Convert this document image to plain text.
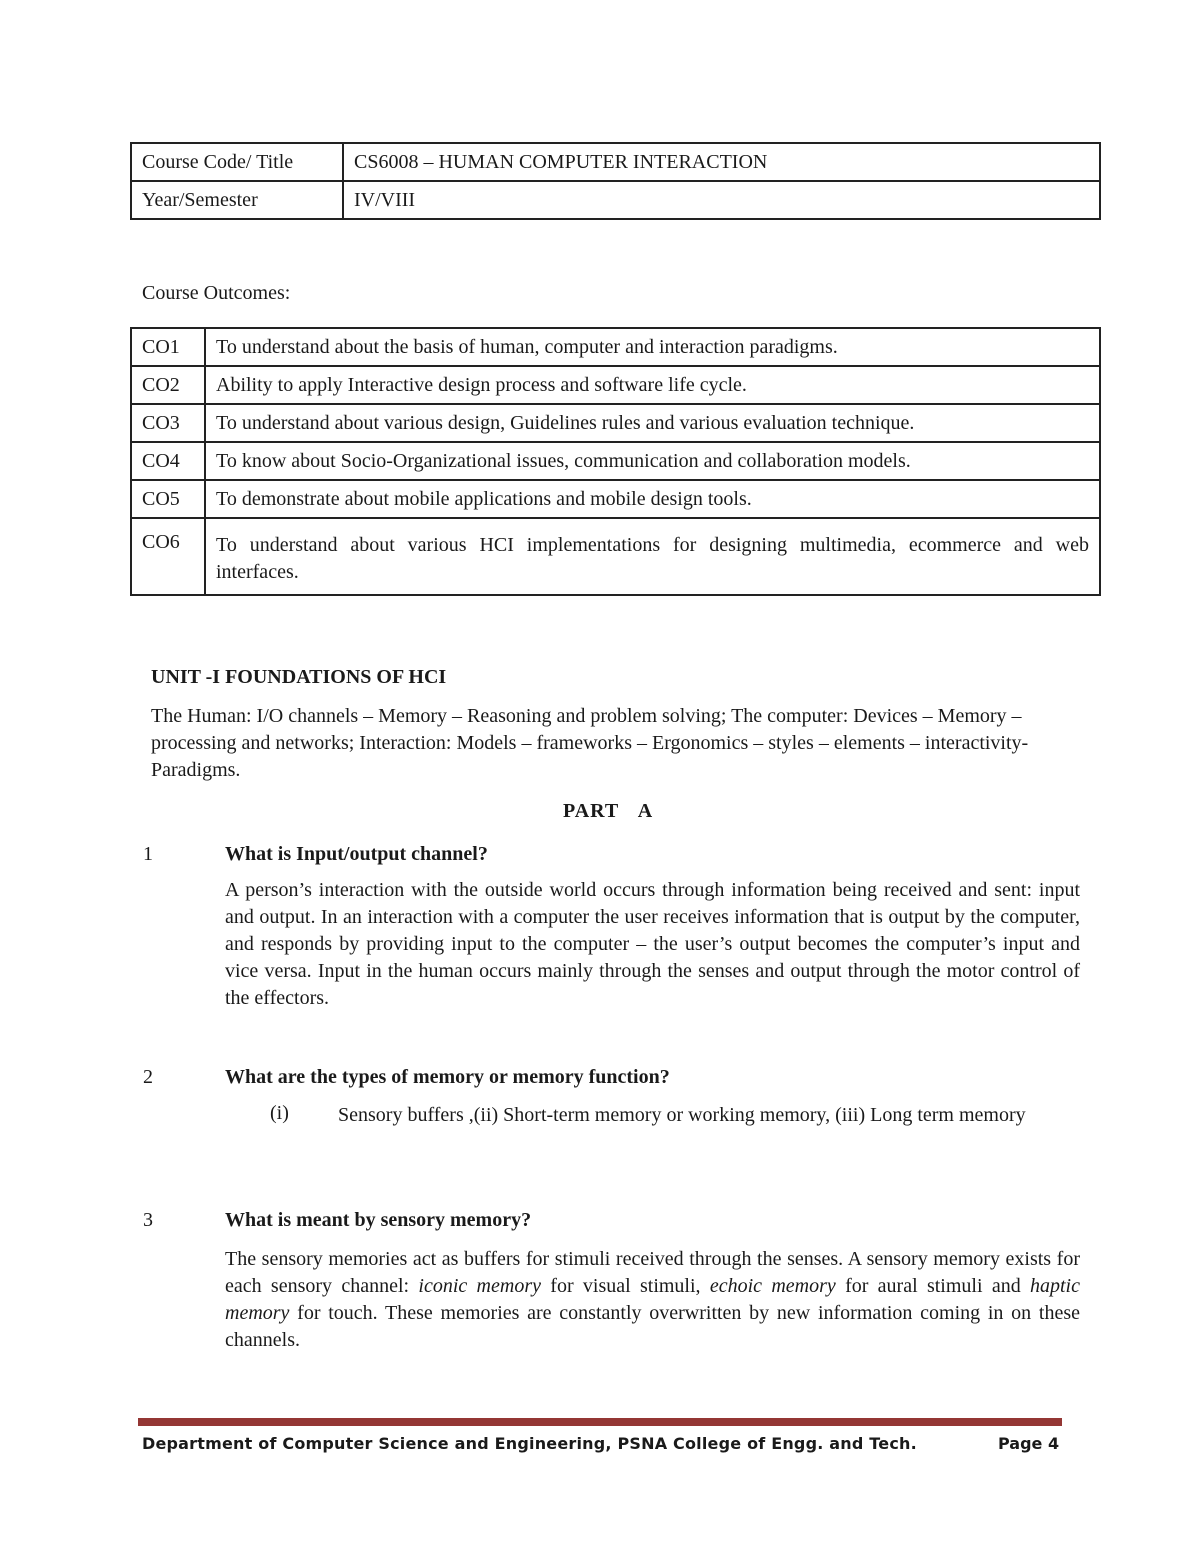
Course Code/ Title	CS6008 – HUMAN COMPUTER INTERACTION
Year/Semester	IV/VIII
Course Outcomes:
CO1	To understand about the basis of human, computer and interaction paradigms.
CO2	Ability to apply Interactive design process and software life cycle.
CO3	To understand about various design, Guidelines rules and various evaluation technique.
CO4	To know about Socio-Organizational issues, communication and collaboration models.
CO5	To demonstrate about mobile applications and mobile design tools.
CO6	To understand about various HCI implementations for designing multimedia, ecommerce and web interfaces.
UNIT -I FOUNDATIONS OF HCI
The Human: I/O channels – Memory – Reasoning and problem solving; The computer: Devices – Memory – processing and networks; Interaction: Models – frameworks – Ergonomics – styles – elements – interactivity- Paradigms.
PART A
1	What is Input/output channel?
A person’s interaction with the outside world occurs through information being received and sent: input and output. In an interaction with a computer the user receives information that is output by the computer, and responds by providing input to the computer – the user’s output becomes the computer’s input and vice versa. Input in the human occurs mainly through the senses and output through the motor control of the effectors.
2	What are the types of memory or memory function?
(i) Sensory buffers ,(ii) Short-term memory or working memory, (iii) Long term memory
3	What is meant by sensory memory?
The sensory memories act as buffers for stimuli received through the senses. A sensory memory exists for each sensory channel: iconic memory for visual stimuli, echoic memory for aural stimuli and haptic memory for touch. These memories are constantly overwritten by new information coming in on these channels.
Department of Computer Science and Engineering, PSNA College of Engg. and Tech.	Page 4
